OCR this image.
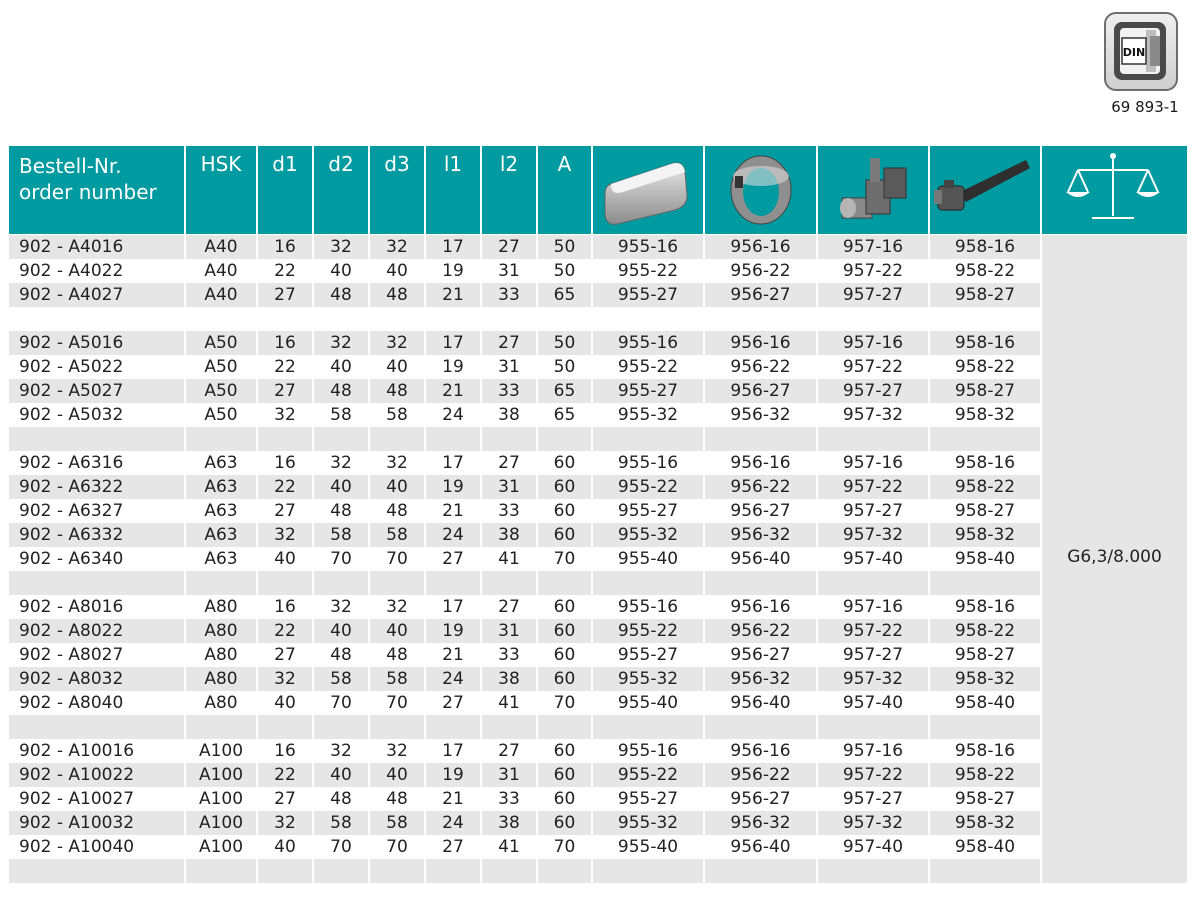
DIN
69 893-1
Bestell-Nr.
order number
HSK	d1	d2	d3	l1	l2	A
G6,3/8.000
902 - A4016	A40	16	32	32	17	27	50	955-16	956-16	957-16	958-16
902 - A4022	A40	22	40	40	19	31	50	955-22	956-22	957-22	958-22
902 - A4027	A40	27	48	48	21	33	65	955-27	956-27	957-27	958-27
902 - A5016	A50	16	32	32	17	27	50	955-16	956-16	957-16	958-16
902 - A5022	A50	22	40	40	19	31	50	955-22	956-22	957-22	958-22
902 - A5027	A50	27	48	48	21	33	65	955-27	956-27	957-27	958-27
902 - A5032	A50	32	58	58	24	38	65	955-32	956-32	957-32	958-32
902 - A6316	A63	16	32	32	17	27	60	955-16	956-16	957-16	958-16
902 - A6322	A63	22	40	40	19	31	60	955-22	956-22	957-22	958-22
902 - A6327	A63	27	48	48	21	33	60	955-27	956-27	957-27	958-27
902 - A6332	A63	32	58	58	24	38	60	955-32	956-32	957-32	958-32
902 - A6340	A63	40	70	70	27	41	70	955-40	956-40	957-40	958-40
902 - A8016	A80	16	32	32	17	27	60	955-16	956-16	957-16	958-16
902 - A8022	A80	22	40	40	19	31	60	955-22	956-22	957-22	958-22
902 - A8027	A80	27	48	48	21	33	60	955-27	956-27	957-27	958-27
902 - A8032	A80	32	58	58	24	38	60	955-32	956-32	957-32	958-32
902 - A8040	A80	40	70	70	27	41	70	955-40	956-40	957-40	958-40
902 - A10016	A100	16	32	32	17	27	60	955-16	956-16	957-16	958-16
902 - A10022	A100	22	40	40	19	31	60	955-22	956-22	957-22	958-22
902 - A10027	A100	27	48	48	21	33	60	955-27	956-27	957-27	958-27
902 - A10032	A100	32	58	58	24	38	60	955-32	956-32	957-32	958-32
902 - A10040	A100	40	70	70	27	41	70	955-40	956-40	957-40	958-40
